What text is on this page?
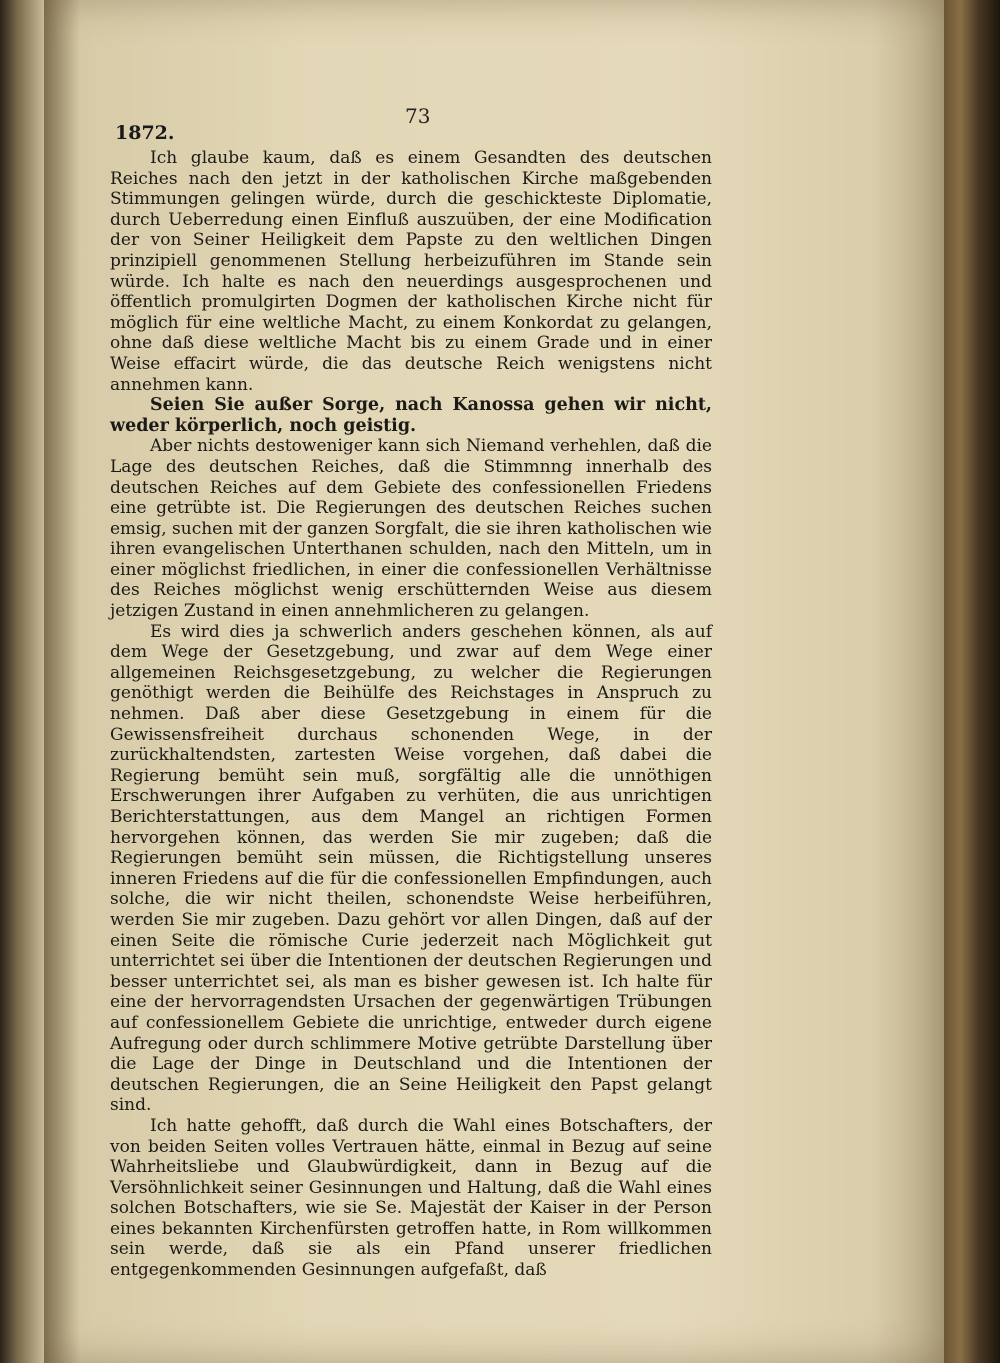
73
1872.

Ich glaube kaum, daß es einem Gesandten des deutschen Reiches nach den jetzt in der katholischen Kirche maßgebenden Stimmungen gelingen würde, durch die geschickteste Diplomatie, durch Ueberredung einen Einfluß auszuüben, der eine Modification der von Seiner Heiligkeit dem Papste zu den weltlichen Dingen prinzipiell genommenen Stellung herbeizuführen im Stande sein würde. Ich halte es nach den neuerdings ausgesprochenen und öffentlich promulgirten Dogmen der katholischen Kirche nicht für möglich für eine weltliche Macht, zu einem Konkordat zu gelangen, ohne daß diese weltliche Macht bis zu einem Grade und in einer Weise effacirt würde, die das deutsche Reich wenigstens nicht annehmen kann.

Seien Sie außer Sorge, nach Kanossa gehen wir nicht, weder körperlich, noch geistig.

Aber nichts destoweniger kann sich Niemand verhehlen, daß die Lage des deutschen Reiches, daß die Stimmnng innerhalb des deutschen Reiches auf dem Gebiete des confessionellen Friedens eine getrübte ist. Die Regierungen des deutschen Reiches suchen emsig, suchen mit der ganzen Sorgfalt, die sie ihren katholischen wie ihren evangelischen Unterthanen schulden, nach den Mitteln, um in einer möglichst friedlichen, in einer die confessionellen Verhältnisse des Reiches möglichst wenig erschütternden Weise aus diesem jetzigen Zustand in einen annehmlicheren zu gelangen.

Es wird dies ja schwerlich anders geschehen können, als auf dem Wege der Gesetzgebung, und zwar auf dem Wege einer allgemeinen Reichsgesetzgebung, zu welcher die Regierungen genöthigt werden die Beihülfe des Reichstages in Anspruch zu nehmen. Daß aber diese Gesetzgebung in einem für die Gewissensfreiheit durchaus schonenden Wege, in der zurückhaltendsten, zartesten Weise vorgehen, daß dabei die Regierung bemüht sein muß, sorgfältig alle die unnöthigen Erschwerungen ihrer Aufgaben zu verhüten, die aus unrichtigen Berichterstattungen, aus dem Mangel an richtigen Formen hervorgehen können, das werden Sie mir zugeben; daß die Regierungen bemüht sein müssen, die Richtigstellung unseres inneren Friedens auf die für die confessionellen Empfindungen, auch solche, die wir nicht theilen, schonendste Weise herbeiführen, werden Sie mir zugeben. Dazu gehört vor allen Dingen, daß auf der einen Seite die römische Curie jederzeit nach Möglichkeit gut unterrichtet sei über die Intentionen der deutschen Regierungen und besser unterrichtet sei, als man es bisher gewesen ist. Ich halte für eine der hervorragendsten Ursachen der gegenwärtigen Trübungen auf confessionellem Gebiete die unrichtige, entweder durch eigene Aufregung oder durch schlimmere Motive getrübte Darstellung über die Lage der Dinge in Deutschland und die Intentionen der deutschen Regierungen, die an Seine Heiligkeit den Papst gelangt sind.

Ich hatte gehofft, daß durch die Wahl eines Botschafters, der von beiden Seiten volles Vertrauen hätte, einmal in Bezug auf seine Wahrheitsliebe und Glaubwürdigkeit, dann in Bezug auf die Versöhnlichkeit seiner Gesinnungen und Haltung, daß die Wahl eines solchen Botschafters, wie sie Se. Majestät der Kaiser in der Person eines bekannten Kirchenfürsten getroffen hatte, in Rom willkommen sein werde, daß sie als ein Pfand unserer friedlichen entgegenkommenden Gesinnungen aufgefaßt, daß
